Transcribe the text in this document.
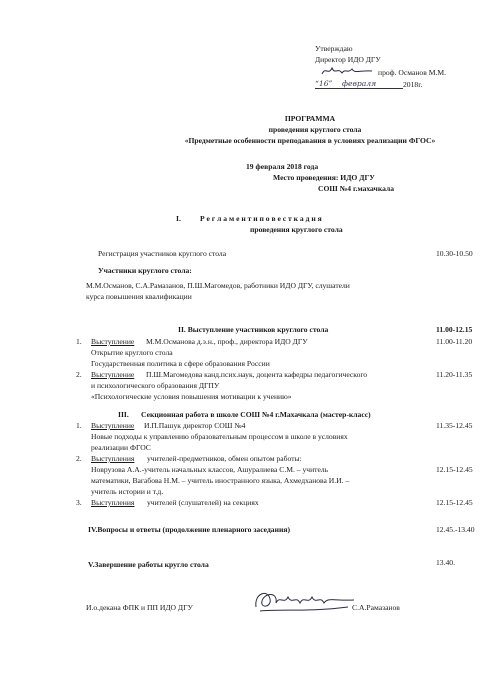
Утверждаю
Директор ИДО ДГУ
проф. Османов М.М.
“16” февраля	2018г.
ПРОГРАММА
проведения круглого стола
«Предметные особенности преподавания в условиях реализации ФГОС»
19 февраля 2018 года
Место проведения: ИДО ДГУ
СОШ №4 г.махачкала
I.	Р е г л а м е н т и п о в е с т к а д н я
проведения круглого стола
Регистрация участников круглого стола	10.30-10.50
Участники круглого стола:
М.М.Османов, С.А.Рамазанов, П.Ш.Магомедов, работники ИДО ДГУ, слушатели
курса повышения квалификации
II. Выступление участников круглого стола	11.00-12.15
1. Выступление М.М.Османова д.э.н., проф., директора ИДО ДГУ
Открытие круглого стола
Государственная политика в сфере образования России
11.00-11.20
2. Выступление П.Ш.Магомедова канд.псих.наук, доцента кафедры педагогического
и психологического образования ДГПУ
«Психологические условия повышения мотивации к учению»
11.20-11.35
III. Секционная работа в школе СОШ №4 г.Махачкала (мастер-класс)
1. Выступление И.П.Пашук директор СОШ №4
Новые подходы к управлению образовательным процессом в школе в условиях
реализации ФГОС
11.35-12.45
2. Выступления учителей-предметников, обмен опытом работы:
Новрузова А.А.-учитель начальных классов, Ашуралиева С.М. – учитель
математики, Вагабова Н.М. – учитель иностранного языка, Ахмедханова И.И. –
учитель истории и т.д.
12.15-12.45
3. Выступления учителей (слушателей) на секциях	12.15-12.45
IV.Вопросы и ответы (продолжение пленарного заседания)	12.45.-13.40
V.Завершение работы кругло стола	13.40.
И.о.декана ФПК и ПП ИДО ДГУ	С.А.Рамазанов
